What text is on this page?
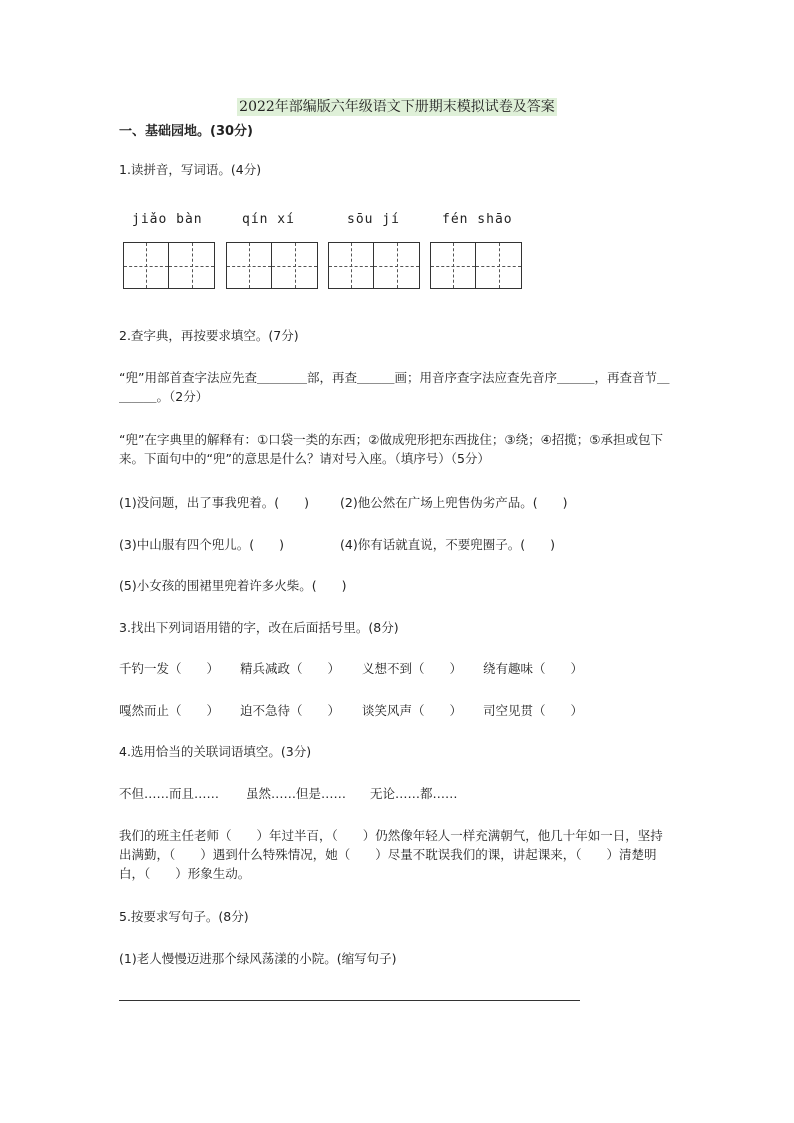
2022年部编版六年级语文下册期末模拟试卷及答案
一、基础园地。(30分)
1.读拼音，写词语。(4分)
jiǎo bàn	qín xí	sōu jí	fén shāo
2.查字典，再按要求填空。(7分)
“兜”用部首查字法应先查＿＿＿＿部，再查＿＿＿画；用音序查字法应查先音序＿＿＿，再查音节＿＿＿＿。（2分）
“兜”在字典里的解释有：①口袋一类的东西；②做成兜形把东西拢住；③绕；④招揽；⑤承担或包下来。下面句中的“兜”的意思是什么？请对号入座。（填序号）（5分）
(1)没问题，出了事我兜着。(　　) (2)他公然在广场上兜售伪劣产品。(　　)
(3)中山服有四个兜儿。(　　)	(4)你有话就直说，不要兜圈子。(　　)
(5)小女孩的围裙里兜着许多火柴。(　　)
3.找出下列词语用错的字，改在后面括号里。(8分)
千钓一发（　　） 精兵减政（　　） 义想不到（　　） 绕有趣味（　　）
嘎然而止（　　） 迫不急待（　　） 谈笑风声（　　） 司空见贯（　　）
4.选用恰当的关联词语填空。(3分)
不但……而且…… 虽然……但是…… 无论……都……
我们的班主任老师（　　）年过半百，（　　）仍然像年轻人一样充满朝气，他几十年如一日，坚持出满勤，（　　）遇到什么特殊情况，她（　　）尽量不耽误我们的课，讲起课来，（　　）清楚明白，（　　）形象生动。
5.按要求写句子。(8分)
(1)老人慢慢迈进那个绿风荡漾的小院。(缩写句子)
